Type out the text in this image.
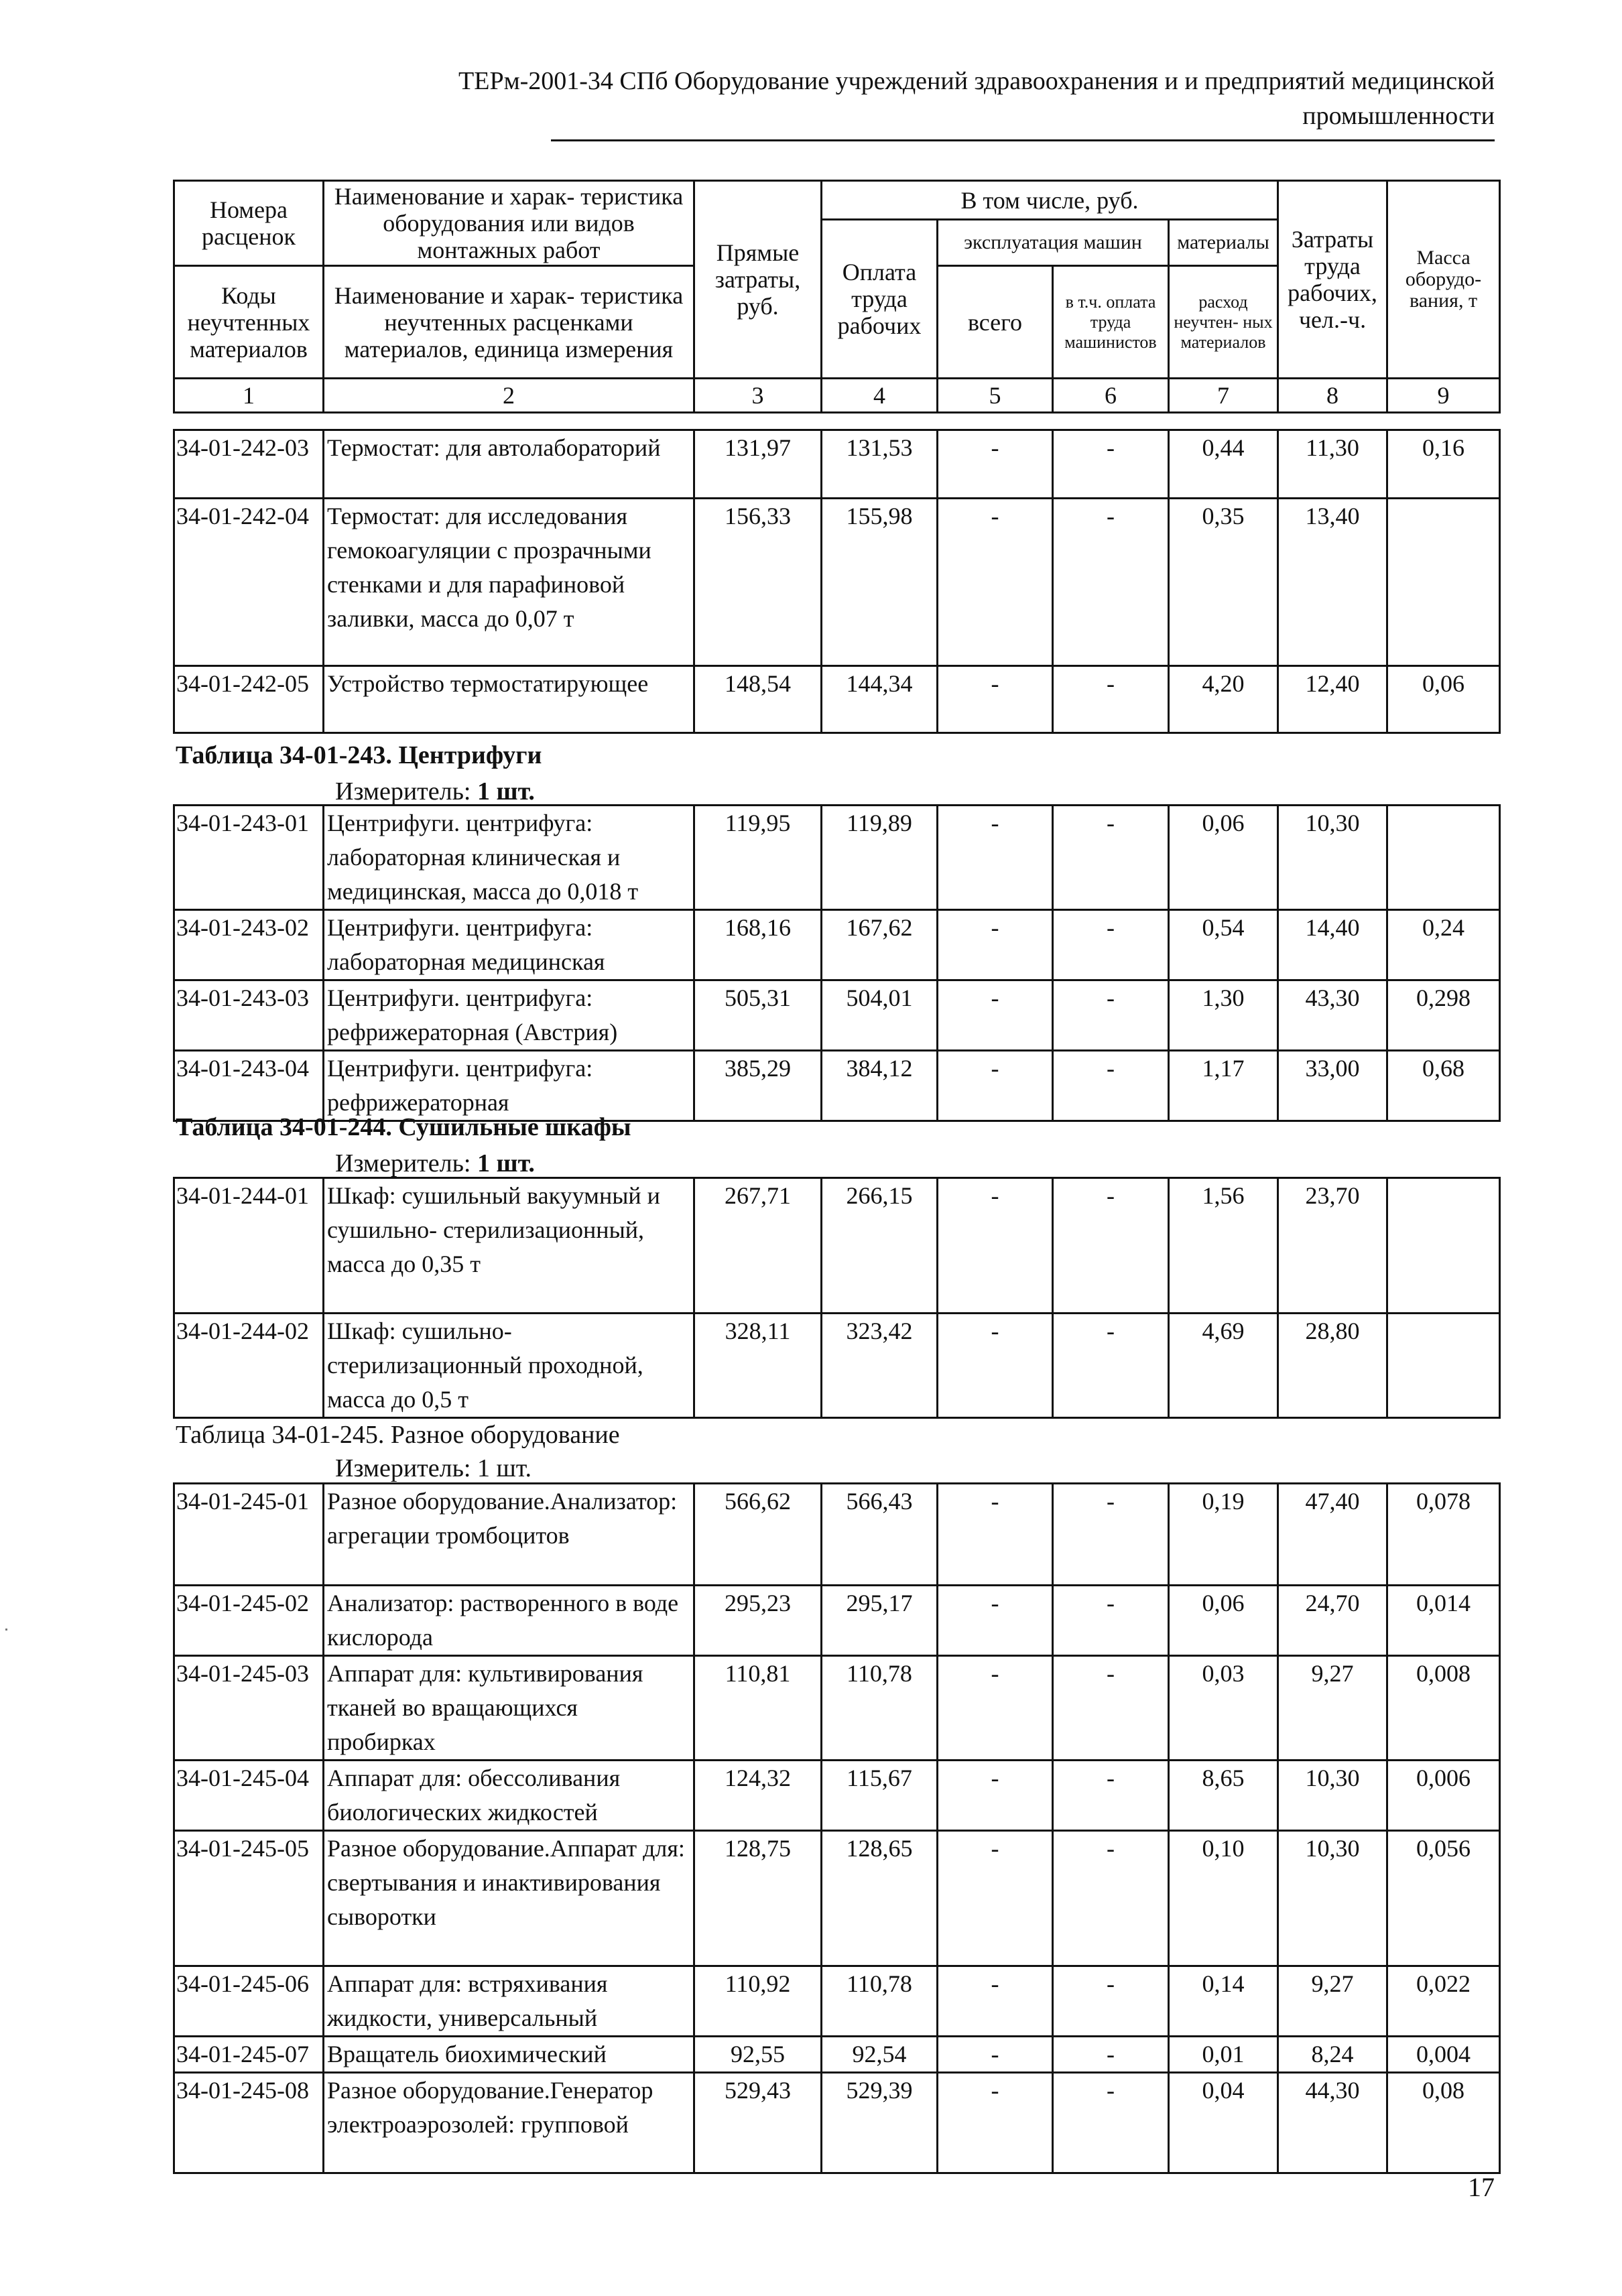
ТЕРм-2001-34 СПб Оборудование учреждений здравоохранения и и предприятий медицинской
промышленности
Номера расценок	Наименование и харак- теристика оборудования или видов монтажных работ	Прямые затраты, руб.	В том числе, руб.				Затраты труда рабочих, чел.-ч.	Масса оборудо- вания, т
			Оплата труда рабочих	эксплуатация машин		материалы		
Коды неучтенных материалов	Наименование и харак- теристика неучтенных расценками материалов, единица измерения			всего	в т.ч. оплата труда машинистов	расход неучтен- ных материалов		

1	2	3	4	5	6	7	8	9
34-01-242-03	Термостат: для автолабораторий	131,97	131,53	-	-	0,44	11,30	0,16
34-01-242-04	Термостат: для исследования гемокоагуляции с прозрачными стенками и для парафиновой заливки, масса до 0,07 т	156,33	155,98	-	-	0,35	13,40	
34-01-242-05	Устройство термостатирующее	148,54	144,34	-	-	4,20	12,40	0,06
Таблица 34-01-243. Центрифуги
Измеритель: 1 шт.
34-01-243-01	Центрифуги. центрифуга: лабораторная клиническая и медицинская, масса до 0,018 т	119,95	119,89	-	-	0,06	10,30	
34-01-243-02	Центрифуги. центрифуга: лабораторная медицинская	168,16	167,62	-	-	0,54	14,40	0,24
34-01-243-03	Центрифуги. центрифуга: рефрижераторная (Австрия)	505,31	504,01	-	-	1,30	43,30	0,298
34-01-243-04	Центрифуги. центрифуга: рефрижераторная	385,29	384,12	-	-	1,17	33,00	0,68
Таблица 34-01-244. Сушильные шкафы
Измеритель: 1 шт.
34-01-244-01	Шкаф: сушильный вакуумный и сушильно- стерилизационный, масса до 0,35 т	267,71	266,15	-	-	1,56	23,70	
34-01-244-02	Шкаф: сушильно- стерилизационный проходной, масса до 0,5 т	328,11	323,42	-	-	4,69	28,80	
Таблица 34-01-245. Разное оборудование
Измеритель: 1 шт.
34-01-245-01	Разное оборудование.Анализатор: агрегации тромбоцитов	566,62	566,43	-	-	0,19	47,40	0,078
34-01-245-02	Анализатор: растворенного в воде кислорода	295,23	295,17	-	-	0,06	24,70	0,014
34-01-245-03	Аппарат для: культивирования тканей во вращающихся пробирках	110,81	110,78	-	-	0,03	9,27	0,008
34-01-245-04	Аппарат для: обессоливания биологических жидкостей	124,32	115,67	-	-	8,65	10,30	0,006
34-01-245-05	Разное оборудование.Аппарат для: свертывания и инактивирования сыворотки	128,75	128,65	-	-	0,10	10,30	0,056
34-01-245-06	Аппарат для: встряхивания жидкости, универсальный	110,92	110,78	-	-	0,14	9,27	0,022
34-01-245-07	Вращатель биохимический	92,55	92,54	-	-	0,01	8,24	0,004
34-01-245-08	Разное оборудование.Генератор электроаэрозолей: групповой	529,43	529,39	-	-	0,04	44,30	0,08
17
